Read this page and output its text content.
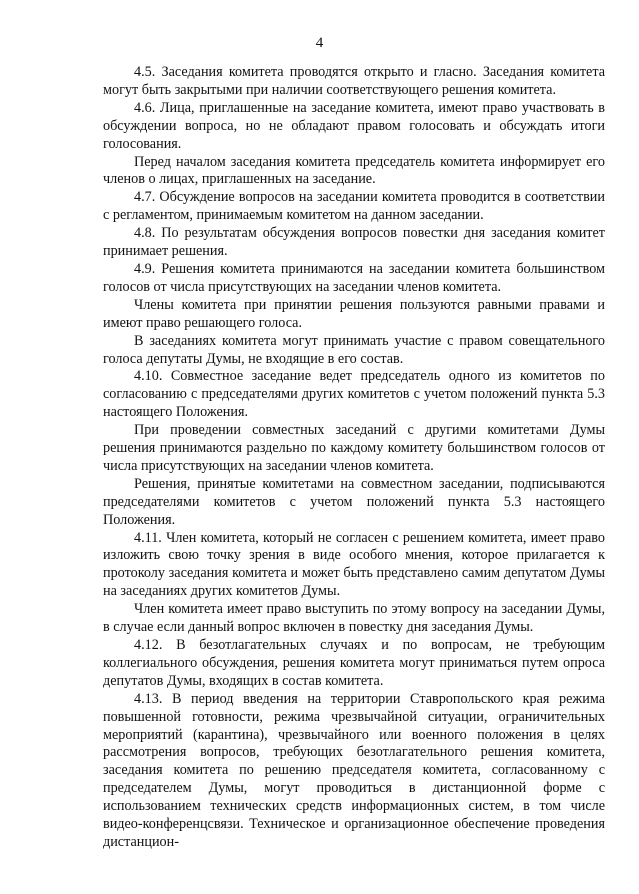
4

4.5. Заседания комитета проводятся открыто и гласно. Заседания комитета могут быть закрытыми при наличии соответствующего решения комитета.

4.6. Лица, приглашенные на заседание комитета, имеют право участвовать в обсуждении вопроса, но не обладают правом голосовать и обсуждать итоги голосования.

Перед началом заседания комитета председатель комитета информирует его членов о лицах, приглашенных на заседание.

4.7. Обсуждение вопросов на заседании комитета проводится в соответствии с регламентом, принимаемым комитетом на данном заседании.

4.8. По результатам обсуждения вопросов повестки дня заседания комитет принимает решения.

4.9. Решения комитета принимаются на заседании комитета большинством голосов от числа присутствующих на заседании членов комитета.

Члены комитета при принятии решения пользуются равными правами и имеют право решающего голоса.

В заседаниях комитета могут принимать участие с правом совещательного голоса депутаты Думы, не входящие в его состав.

4.10. Совместное заседание ведет председатель одного из комитетов по согласованию с председателями других комитетов с учетом положений пункта 5.3 настоящего Положения.

При проведении совместных заседаний с другими комитетами Думы решения принимаются раздельно по каждому комитету большинством голосов от числа присутствующих на заседании членов комитета.

Решения, принятые комитетами на совместном заседании, подписываются председателями комитетов с учетом положений пункта 5.3 настоящего Положения.

4.11. Член комитета, который не согласен с решением комитета, имеет право изложить свою точку зрения в виде особого мнения, которое прилагается к протоколу заседания комитета и может быть представлено самим депутатом Думы на заседаниях других комитетов Думы.

Член комитета имеет право выступить по этому вопросу на заседании Думы, в случае если данный вопрос включен в повестку дня заседания Думы.

4.12. В безотлагательных случаях и по вопросам, не требующим коллегиального обсуждения, решения комитета могут приниматься путем опроса депутатов Думы, входящих в состав комитета.

4.13. В период введения на территории Ставропольского края режима повышенной готовности, режима чрезвычайной ситуации, ограничительных мероприятий (карантина), чрезвычайного или военного положения в целях рассмотрения вопросов, требующих безотлагательного решения комитета, заседания комитета по решению председателя комитета, согласованному с председателем Думы, могут проводиться в дистанционной форме с использованием технических средств информационных систем, в том числе видео-конференцсвязи. Техническое и организационное обеспечение проведения дистанцион-
